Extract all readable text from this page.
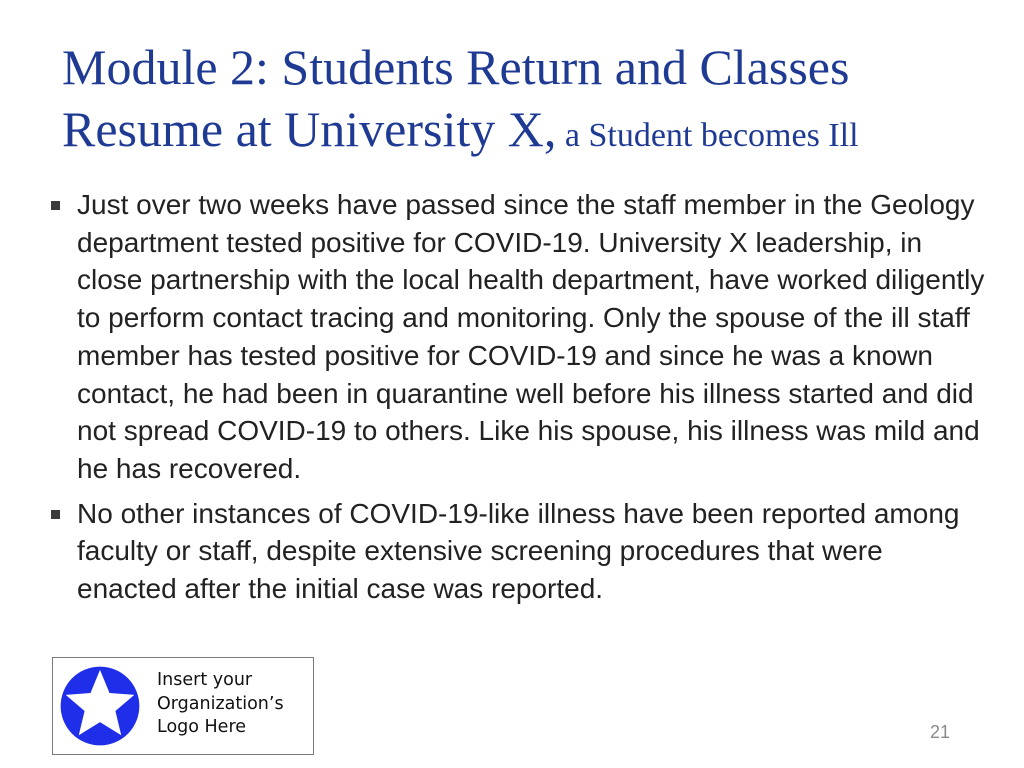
Module 2: Students Return and Classes Resume at University X, a Student becomes Ill
Just over two weeks have passed since the staff member in the Geology department tested positive for COVID-19. University X leadership, in close partnership with the local health department, have worked diligently to perform contact tracing and monitoring. Only the spouse of the ill staff member has tested positive for COVID-19 and since he was a known contact, he had been in quarantine well before his illness started and did not spread COVID-19 to others. Like his spouse, his illness was mild and he has recovered.
No other instances of COVID-19-like illness have been reported among faculty or staff, despite extensive screening procedures that were enacted after the initial case was reported.
Insert your
Organization’s
Logo Here	21
